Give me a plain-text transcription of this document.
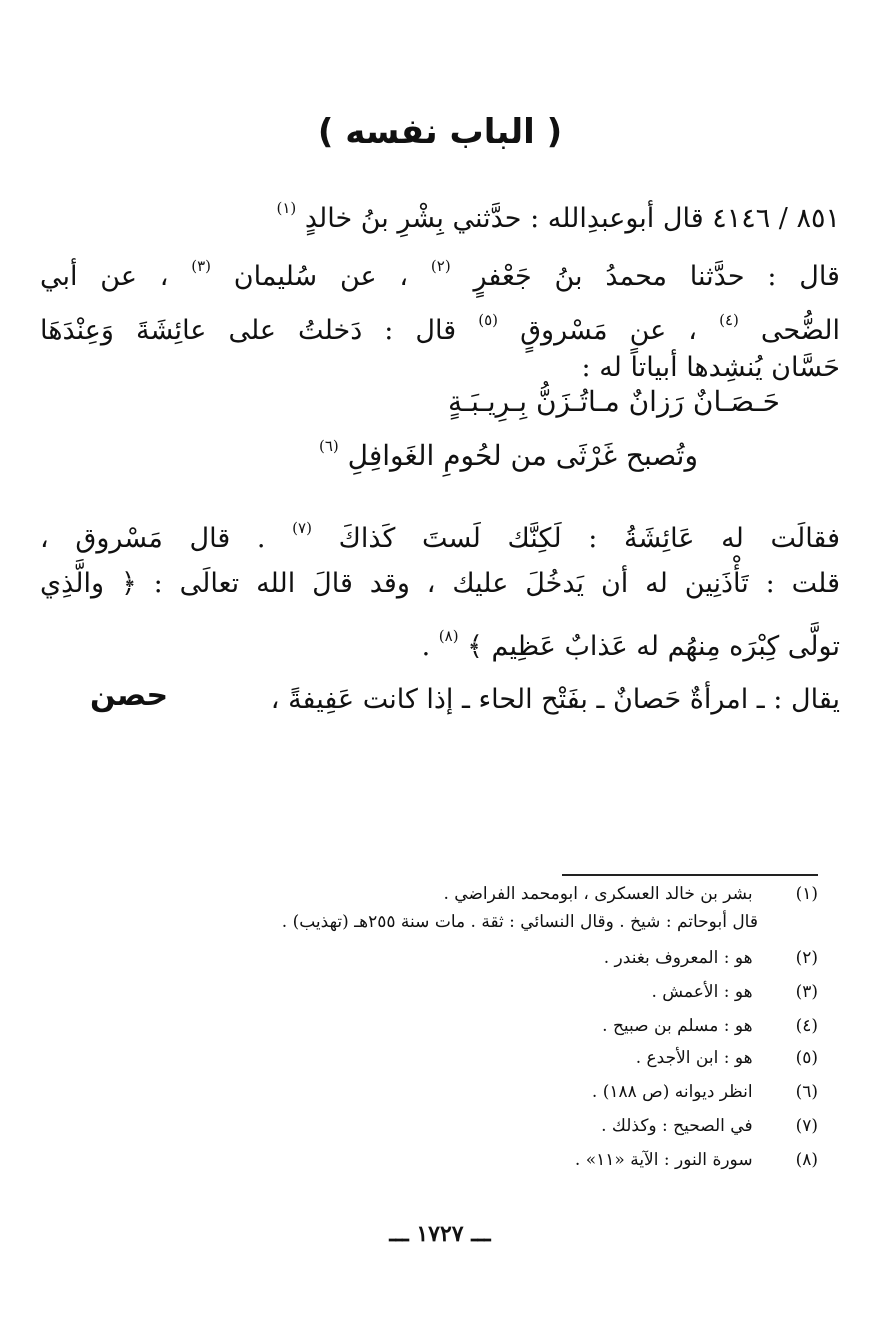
( الباب نفسه )
٨٥١ / ٤١٤٦ قال أبوعبدِالله : حدَّثني بِشْرِ بنُ خالدٍ $^{(١)}$
قال : حدَّثنا محمدُ بنُ جَعْفرٍ $^{(٢)}$ ، عن سُليمان $^{(٣)}$ ، عن أبي
الضُّحى $^{(٤)}$ ، عن مَسْروقٍ $^{(٥)}$ قال : دَخلتُ على عائِشَةَ وَعِنْدَهَا
حَسَّان يُنشِدها أبياتاً له :
حَـصَـانٌ رَزانٌ مـاتُـزَنُّ بِـرِيـبَـةٍ
وتُصبح غَرْثَى من لحُومِ الغَوافِلِ $^{(٦)}$
فقالَت له عَائِشَةُ : لَكِنَّك لَستَ كَذاكَ $^{(٧)}$ . قال مَسْروق ،
قلت : تَأْذَنِين له أن يَدخُلَ عليك ، وقد قالَ الله تعالَى : ﴿ والَّذِي
تولَّى كِبْرَه مِنهُم له عَذابٌ عَظِيم ﴾ $^{(٨)}$ .
يقال : ـ امرأةٌ حَصانٌ ـ بفَتْح الحاء ـ إذا كانت عَفِيفةً ،
حصن
(١) بشر بن خالد العسكرى ، ابومحمد الفراضي .
قال أبوحاتم : شيخ . وقال النسائي : ثقة . مات سنة ٢٥٥هـ (تهذيب) .
(٢) هو : المعروف بغندر .
(٣) هو : الأعمش .
(٤) هو : مسلم بن صبيح .
(٥) هو : ابن الأجدع .
(٦) انظر ديوانه (ص ١٨٨) .
(٧) في الصحيح : وكذلك .
(٨) سورة النور : الآية «١١» .
ـــ ١٧٢٧ ـــ
